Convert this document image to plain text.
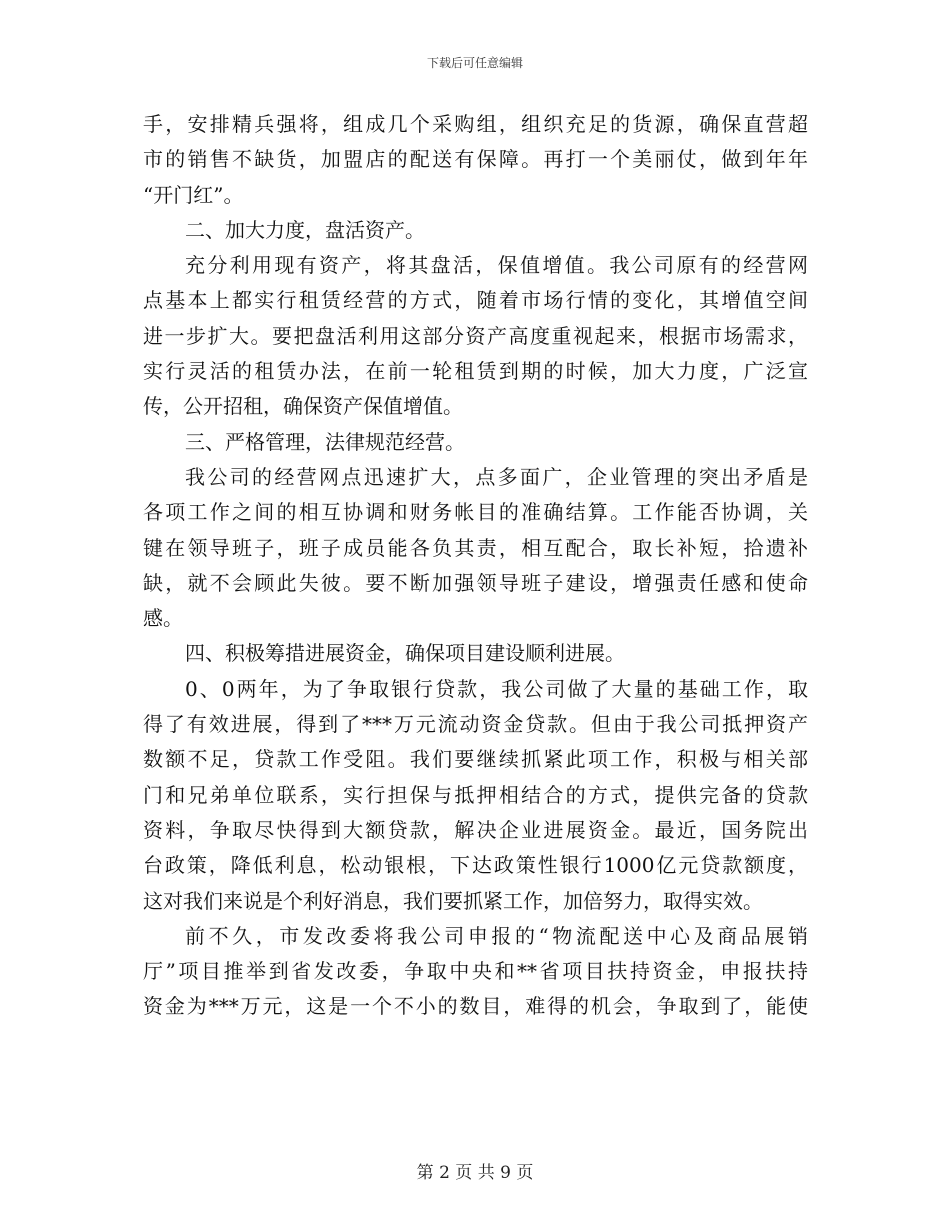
下载后可任意编辑
手，安排精兵强将，组成几个采购组，组织充足的货源，确保直营超
市的销售不缺货，加盟店的配送有保障。再打一个美丽仗，做到年年
“开门红”。
二、加大力度，盘活资产。
充分利用现有资产，将其盘活，保值增值。我公司原有的经营网
点基本上都实行租赁经营的方式，随着市场行情的变化，其增值空间
进一步扩大。要把盘活利用这部分资产高度重视起来，根据市场需求，
实行灵活的租赁办法，在前一轮租赁到期的时候，加大力度，广泛宣
传，公开招租，确保资产保值增值。
三、严格管理，法律规范经营。
我公司的经营网点迅速扩大，点多面广，企业管理的突出矛盾是
各项工作之间的相互协调和财务帐目的准确结算。工作能否协调，关
键在领导班子，班子成员能各负其责，相互配合，取长补短，拾遗补
缺，就不会顾此失彼。要不断加强领导班子建设，增强责任感和使命
感。
四、积极筹措进展资金，确保项目建设顺利进展。
0、0两年，为了争取银行贷款，我公司做了大量的基础工作，取
得了有效进展，得到了***万元流动资金贷款。但由于我公司抵押资产
数额不足，贷款工作受阻。我们要继续抓紧此项工作，积极与相关部
门和兄弟单位联系，实行担保与抵押相结合的方式，提供完备的贷款
资料，争取尽快得到大额贷款，解决企业进展资金。最近，国务院出
台政策，降低利息，松动银根，下达政策性银行1000亿元贷款额度，
这对我们来说是个利好消息，我们要抓紧工作，加倍努力，取得实效。
前不久，市发改委将我公司申报的“物流配送中心及商品展销
厅”项目推举到省发改委，争取中央和**省项目扶持资金，申报扶持
资金为***万元，这是一个不小的数目，难得的机会，争取到了，能使
第 2 页 共 9 页
